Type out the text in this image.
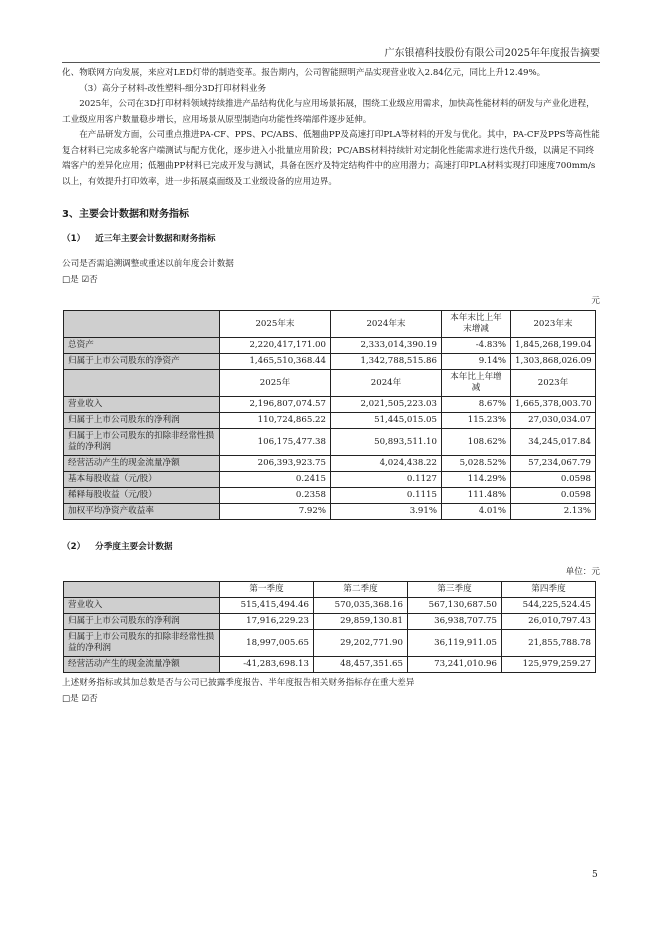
广东银禧科技股份有限公司2025年年度报告摘要

化、物联网方向发展，来应对LED灯带的制造变革。报告期内，公司智能照明产品实现营业收入2.84亿元，同比上升12.49%。

（3）高分子材料-改性塑料-细分3D打印材料业务

2025年，公司在3D打印材料领域持续推进产品结构优化与应用场景拓展，围绕工业级应用需求，加快高性能材料的研发与产业化进程，工业级应用客户数量稳步增长，应用场景从原型制造向功能性终端部件逐步延伸。

在产品研发方面，公司重点推进PA-CF、PPS、PC/ABS、低翘曲PP及高速打印PLA等材料的开发与优化。其中，PA-CF及PPS等高性能复合材料已完成多轮客户端测试与配方优化，逐步进入小批量应用阶段；PC/ABS材料持续针对定制化性能需求进行迭代升级，以满足不同终端客户的差异化应用；低翘曲PP材料已完成开发与测试，具备在医疗及特定结构件中的应用潜力；高速打印PLA材料实现打印速度700mm/s以上，有效提升打印效率，进一步拓展桌面级及工业级设备的应用边界。

3、主要会计数据和财务指标
（1） 近三年主要会计数据和财务指标

公司是否需追溯调整或重述以前年度会计数据

□是 ☑否

元
	2025年末	2024年末	本年末比上年末增减	2023年末
总资产	2,220,417,171.00	2,333,014,390.19	-4.83%	1,845,268,199.04
归属于上市公司股东的净资产	1,465,510,368.44	1,342,788,515.86	9.14%	1,303,868,026.09
	2025年	2024年	本年比上年增减	2023年
营业收入	2,196,807,074.57	2,021,505,223.03	8.67%	1,665,378,003.70
归属于上市公司股东的净利润	110,724,865.22	51,445,015.05	115.23%	27,030,034.07
归属于上市公司股东的扣除非经常性损益的净利润	106,175,477.38	50,893,511.10	108.62%	34,245,017.84
经营活动产生的现金流量净额	206,393,923.75	4,024,438.22	5,028.52%	57,234,067.79
基本每股收益（元/股）	0.2415	0.1127	114.29%	0.0598
稀释每股收益（元/股）	0.2358	0.1115	111.48%	0.0598
加权平均净资产收益率	7.92%	3.91%	4.01%	2.13%
（2） 分季度主要会计数据
单位：元
	第一季度	第二季度	第三季度	第四季度
营业收入	515,415,494.46	570,035,368.16	567,130,687.50	544,225,524.45
归属于上市公司股东的净利润	17,916,229.23	29,859,130.81	36,938,707.75	26,010,797.43
归属于上市公司股东的扣除非经常性损益的净利润	18,997,005.65	29,202,771.90	36,119,911.05	21,855,788.78
经营活动产生的现金流量净额	-41,283,698.13	48,457,351.65	73,241,010.96	125,979,259.27

上述财务指标或其加总数是否与公司已披露季度报告、半年度报告相关财务指标存在重大差异

□是 ☑否

5
